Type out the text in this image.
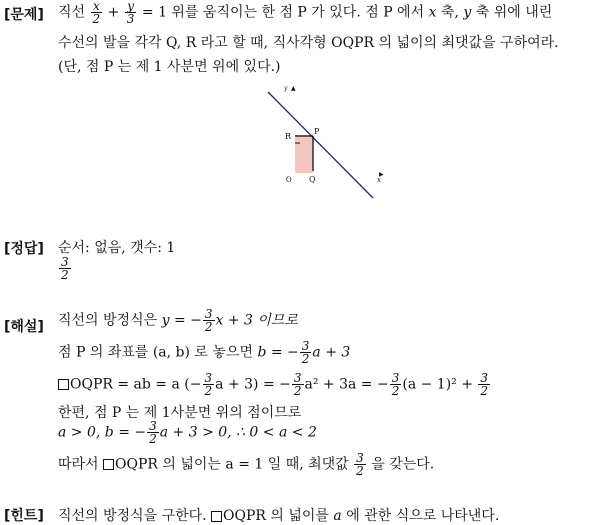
[문제] 직선 $\frac{x}{2} + \frac{y}{3} = 1$ 위를 움직이는 한 점 P 가 있다. 점 P 에서 x 축, y 축 위에 내린
수선의 발을 각각 Q, R 라고 할 때, 직사각형 OQPR 의 넓이의 최댓값을 구하여라.
(단, 점 P 는 제 1 사분면 위에 있다.)
y ▲
x
▶
R
P
O Q
[정답] 순서: 없음, 갯수: 1
$\frac{3}{2}$
[해설] 직선의 방정식은 y = − $\frac{3}{2}$ x + 3 이므로
점 P 의 좌표를 (a, b) 로 놓으면 b = − $\frac{3}{2}$ a + 3
OQPR = ab = a (− $\frac{3}{2}$ a + 3) = − $\frac{3}{2} a^2 + 3a$ = − $\frac{3}{2} (a - 1)^2 + \frac{3}{2}$
한편, 점 P 는 제 1사분면 위의 점이므로
a > 0, b = − $\frac{3}{2}$ a + 3 > 0, ∴ 0 < a < 2
따라서 OQPR 의 넓이는 a = 1 일 때, 최댓값 $\frac{3}{2}$ 을 갖는다.
[힌트] 직선의 방정식을 구한다. OQPR 의 넓이를 a 에 관한 식으로 나타낸다.
